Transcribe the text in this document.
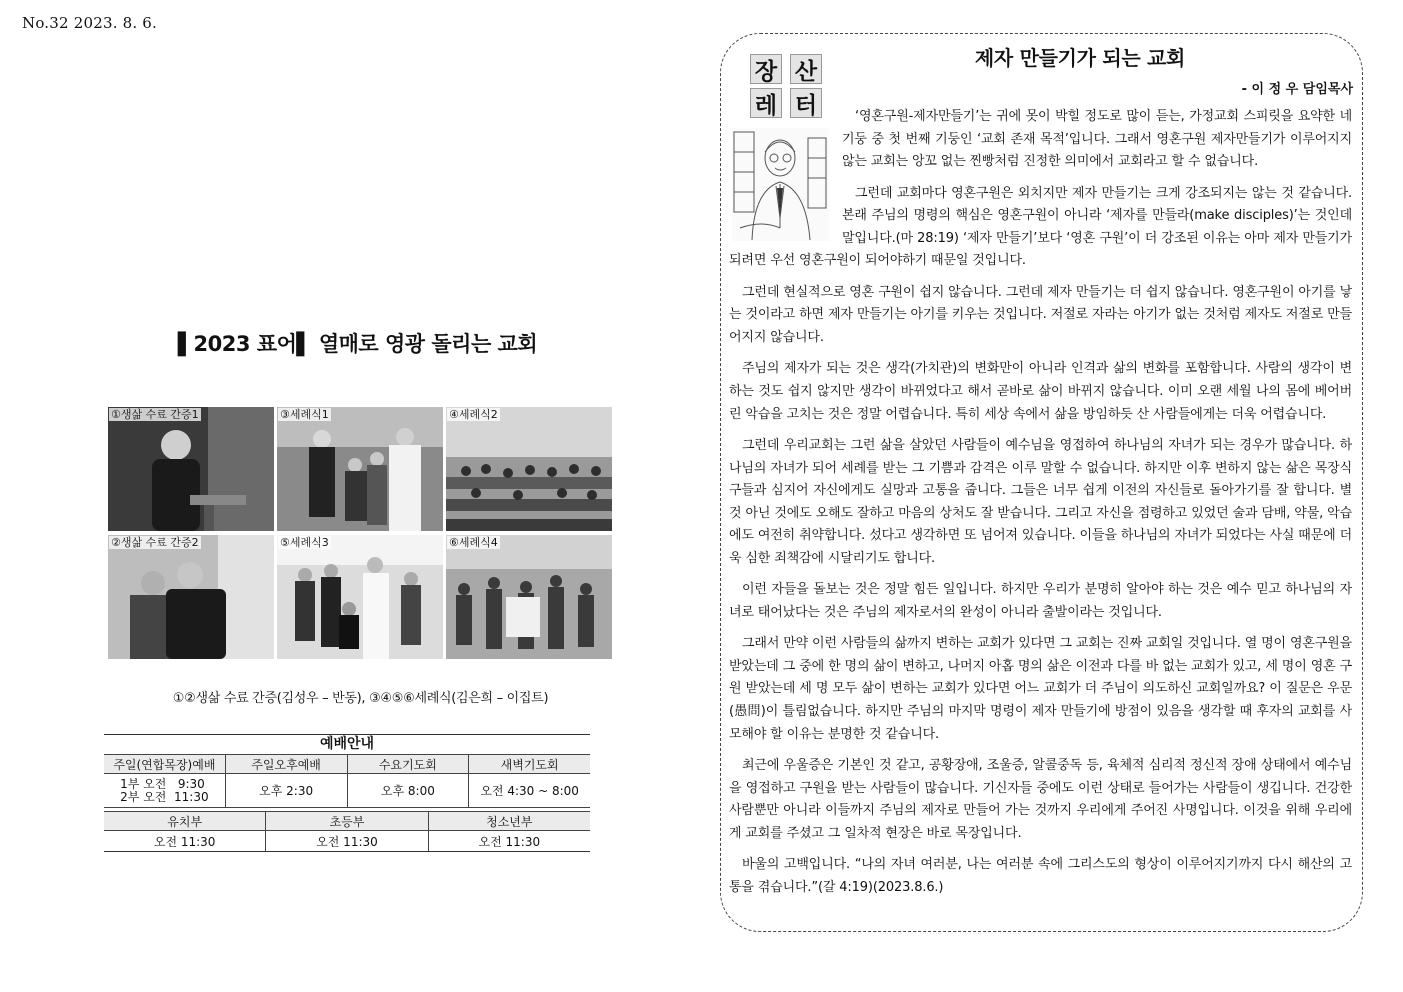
No.32 2023. 8. 6.
▌2023 표어▌ 열매로 영광 돌리는 교회
①생삶 수료 간증1	③세례식1	④세례식2
②생삶 수료 간증2	⑤세례식3	⑥세례식4
①②생삶 수료 간증(김성우 – 반동), ③④⑤⑥세례식(김은희 – 이집트)
예배안내
주일(연합목장)예배	주일오후예배	수요기도회	새벽기도회
1부 오전   9:30
2부 오전  11:30	오후 2:30	오후 8:00	오전 4:30 ~ 8:00
유치부	초등부	청소년부
오전 11:30	오전 11:30	오전 11:30
장 산
레 터
제자 만들기가 되는 교회
- 이 정 우 담임목사

‘영혼구원-제자만들기’는 귀에 못이 박힐 정도로 많이 듣는, 가정교회 스피릿을 요약한 네 기둥 중 첫 번째 기둥인 ‘교회 존재 목적’입니다. 그래서 영혼구원 제자만들기가 이루어지지 않는 교회는 앙꼬 없는 찐빵처럼 진정한 의미에서 교회라고 할 수 없습니다.

그런데 교회마다 영혼구원은 외치지만 제자 만들기는 크게 강조되지는 않는 것 같습니다. 본래 주님의 명령의 핵심은 영혼구원이 아니라 ‘제자를 만들라(make disciples)’는 것인데 말입니다.(마 28:19) ‘제자 만들기’보다 ‘영혼 구원’이 더 강조된 이유는 아마 제자 만들기가 되려면 우선 영혼구원이 되어야하기 때문일 것입니다.

그런데 현실적으로 영혼 구원이 쉽지 않습니다. 그런데 제자 만들기는 더 쉽지 않습니다. 영혼구원이 아기를 낳는 것이라고 하면 제자 만들기는 아기를 키우는 것입니다. 저절로 자라는 아기가 없는 것처럼 제자도 저절로 만들어지지 않습니다.

주님의 제자가 되는 것은 생각(가치관)의 변화만이 아니라 인격과 삶의 변화를 포함합니다. 사람의 생각이 변하는 것도 쉽지 않지만 생각이 바뀌었다고 해서 곧바로 삶이 바뀌지 않습니다. 이미 오랜 세월 나의 몸에 베어버린 악습을 고치는 것은 정말 어렵습니다. 특히 세상 속에서 삶을 방임하듯 산 사람들에게는 더욱 어렵습니다.

그런데 우리교회는 그런 삶을 살았던 사람들이 예수님을 영접하여 하나님의 자녀가 되는 경우가 많습니다. 하나님의 자녀가 되어 세례를 받는 그 기쁨과 감격은 이루 말할 수 없습니다. 하지만 이후 변하지 않는 삶은 목장식구들과 심지어 자신에게도 실망과 고통을 줍니다. 그들은 너무 쉽게 이전의 자신들로 돌아가기를 잘 합니다. 별 것 아닌 것에도 오해도 잘하고 마음의 상처도 잘 받습니다. 그리고 자신을 점령하고 있었던 술과 담배, 약물, 악습에도 여전히 취약합니다. 섰다고 생각하면 또 넘어져 있습니다. 이들을 하나님의 자녀가 되었다는 사실 때문에 더욱 심한 죄책감에 시달리기도 합니다.

이런 자들을 돌보는 것은 정말 힘든 일입니다. 하지만 우리가 분명히 알아야 하는 것은 예수 믿고 하나님의 자녀로 태어났다는 것은 주님의 제자로서의 완성이 아니라 출발이라는 것입니다.

그래서 만약 이런 사람들의 삶까지 변하는 교회가 있다면 그 교회는 진짜 교회일 것입니다. 열 명이 영혼구원을 받았는데 그 중에 한 명의 삶이 변하고, 나머지 아홉 명의 삶은 이전과 다를 바 없는 교회가 있고, 세 명이 영혼 구원 받았는데 세 명 모두 삶이 변하는 교회가 있다면 어느 교회가 더 주님이 의도하신 교회일까요? 이 질문은 우문(愚問)이 틀림없습니다. 하지만 주님의 마지막 명령이 제자 만들기에 방점이 있음을 생각할 때 후자의 교회를 사모해야 할 이유는 분명한 것 같습니다.

최근에 우울증은 기본인 것 같고, 공황장애, 조울증, 알콜중독 등, 육체적 심리적 정신적 장애 상태에서 예수님을 영접하고 구원을 받는 사람들이 많습니다. 기신자들 중에도 이런 상태로 들어가는 사람들이 생깁니다. 건강한 사람뿐만 아니라 이들까지 주님의 제자로 만들어 가는 것까지 우리에게 주어진 사명입니다. 이것을 위해 우리에게 교회를 주셨고 그 일차적 현장은 바로 목장입니다.

바울의 고백입니다. “나의 자녀 여러분, 나는 여러분 속에 그리스도의 형상이 이루어지기까지 다시 해산의 고통을 겪습니다.”(갈 4:19)(2023.8.6.)
